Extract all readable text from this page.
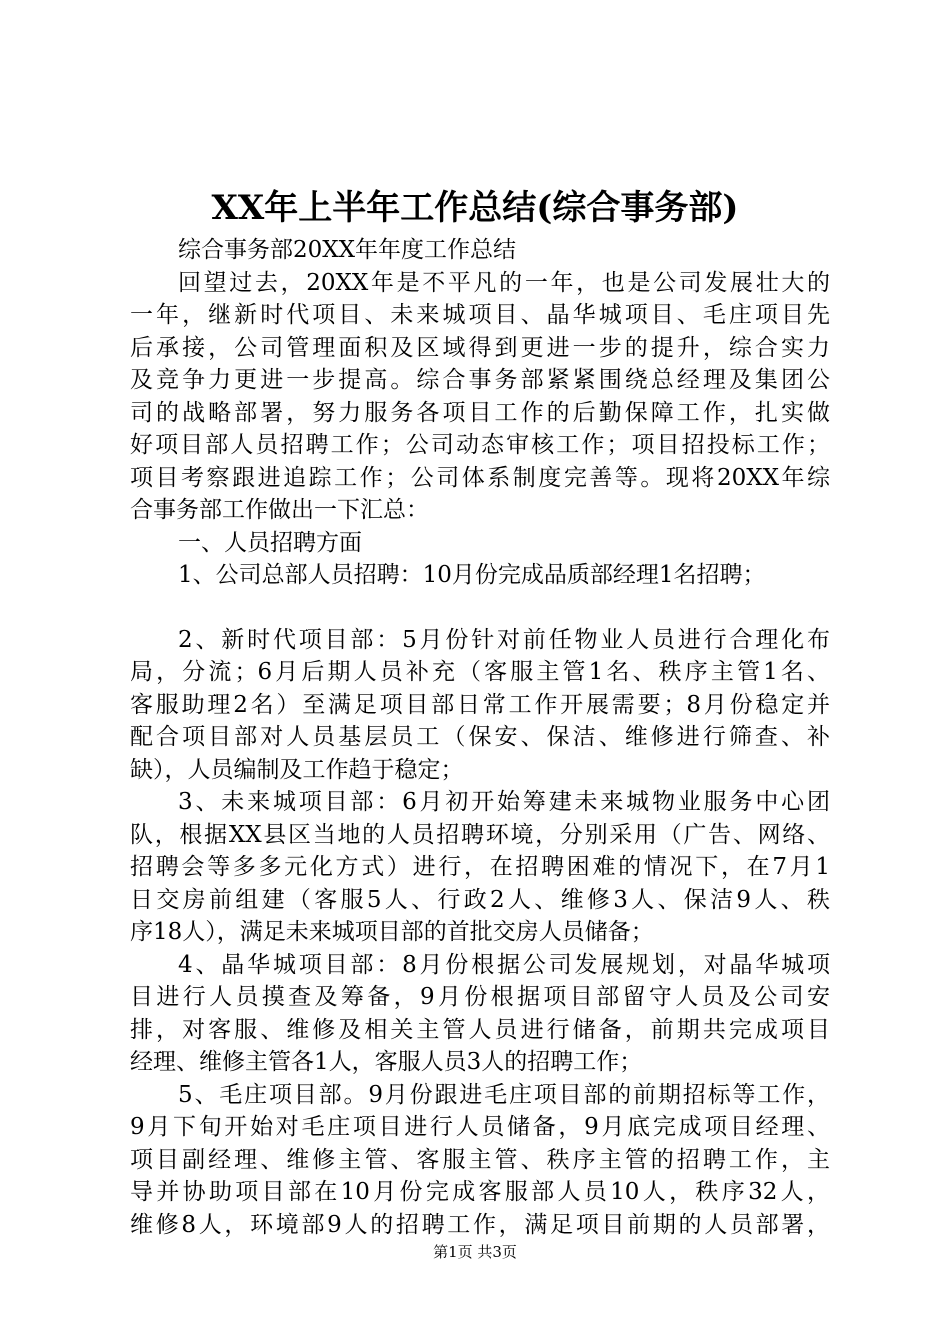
XX年上半年工作总结(综合事务部)
综合事务部20XX年年度工作总结
回望过去，20XX年是不平凡的一年，也是公司发展壮大的
一年，继新时代项目、未来城项目、晶华城项目、毛庄项目先
后承接，公司管理面积及区域得到更进一步的提升，综合实力
及竞争力更进一步提高。综合事务部紧紧围绕总经理及集团公
司的战略部署，努力服务各项目工作的后勤保障工作，扎实做
好项目部人员招聘工作；公司动态审核工作；项目招投标工作；
项目考察跟进追踪工作；公司体系制度完善等。现将20XX年综
合事务部工作做出一下汇总：
一、人员招聘方面
1、公司总部人员招聘：10月份完成品质部经理1名招聘；
2、新时代项目部：5月份针对前任物业人员进行合理化布
局，分流；6月后期人员补充（客服主管1名、秩序主管1名、
客服助理2名）至满足项目部日常工作开展需要；8月份稳定并
配合项目部对人员基层员工（保安、保洁、维修进行筛查、补
缺），人员编制及工作趋于稳定；
3、未来城项目部：6月初开始筹建未来城物业服务中心团
队，根据XX县区当地的人员招聘环境，分别采用（广告、网络、
招聘会等多多元化方式）进行，在招聘困难的情况下，在7月1
日交房前组建（客服5人、行政2人、维修3人、保洁9人、秩
序18人），满足未来城项目部的首批交房人员储备；
4、晶华城项目部：8月份根据公司发展规划，对晶华城项
目进行人员摸查及筹备，9月份根据项目部留守人员及公司安
排，对客服、维修及相关主管人员进行储备，前期共完成项目
经理、维修主管各1人，客服人员3人的招聘工作；
5、毛庄项目部。9月份跟进毛庄项目部的前期招标等工作，
9月下旬开始对毛庄项目进行人员储备，9月底完成项目经理、
项目副经理、维修主管、客服主管、秩序主管的招聘工作，主
导并协助项目部在10月份完成客服部人员10人，秩序32人，
维修8人，环境部9人的招聘工作，满足项目前期的人员部署，
第1页 共3页
